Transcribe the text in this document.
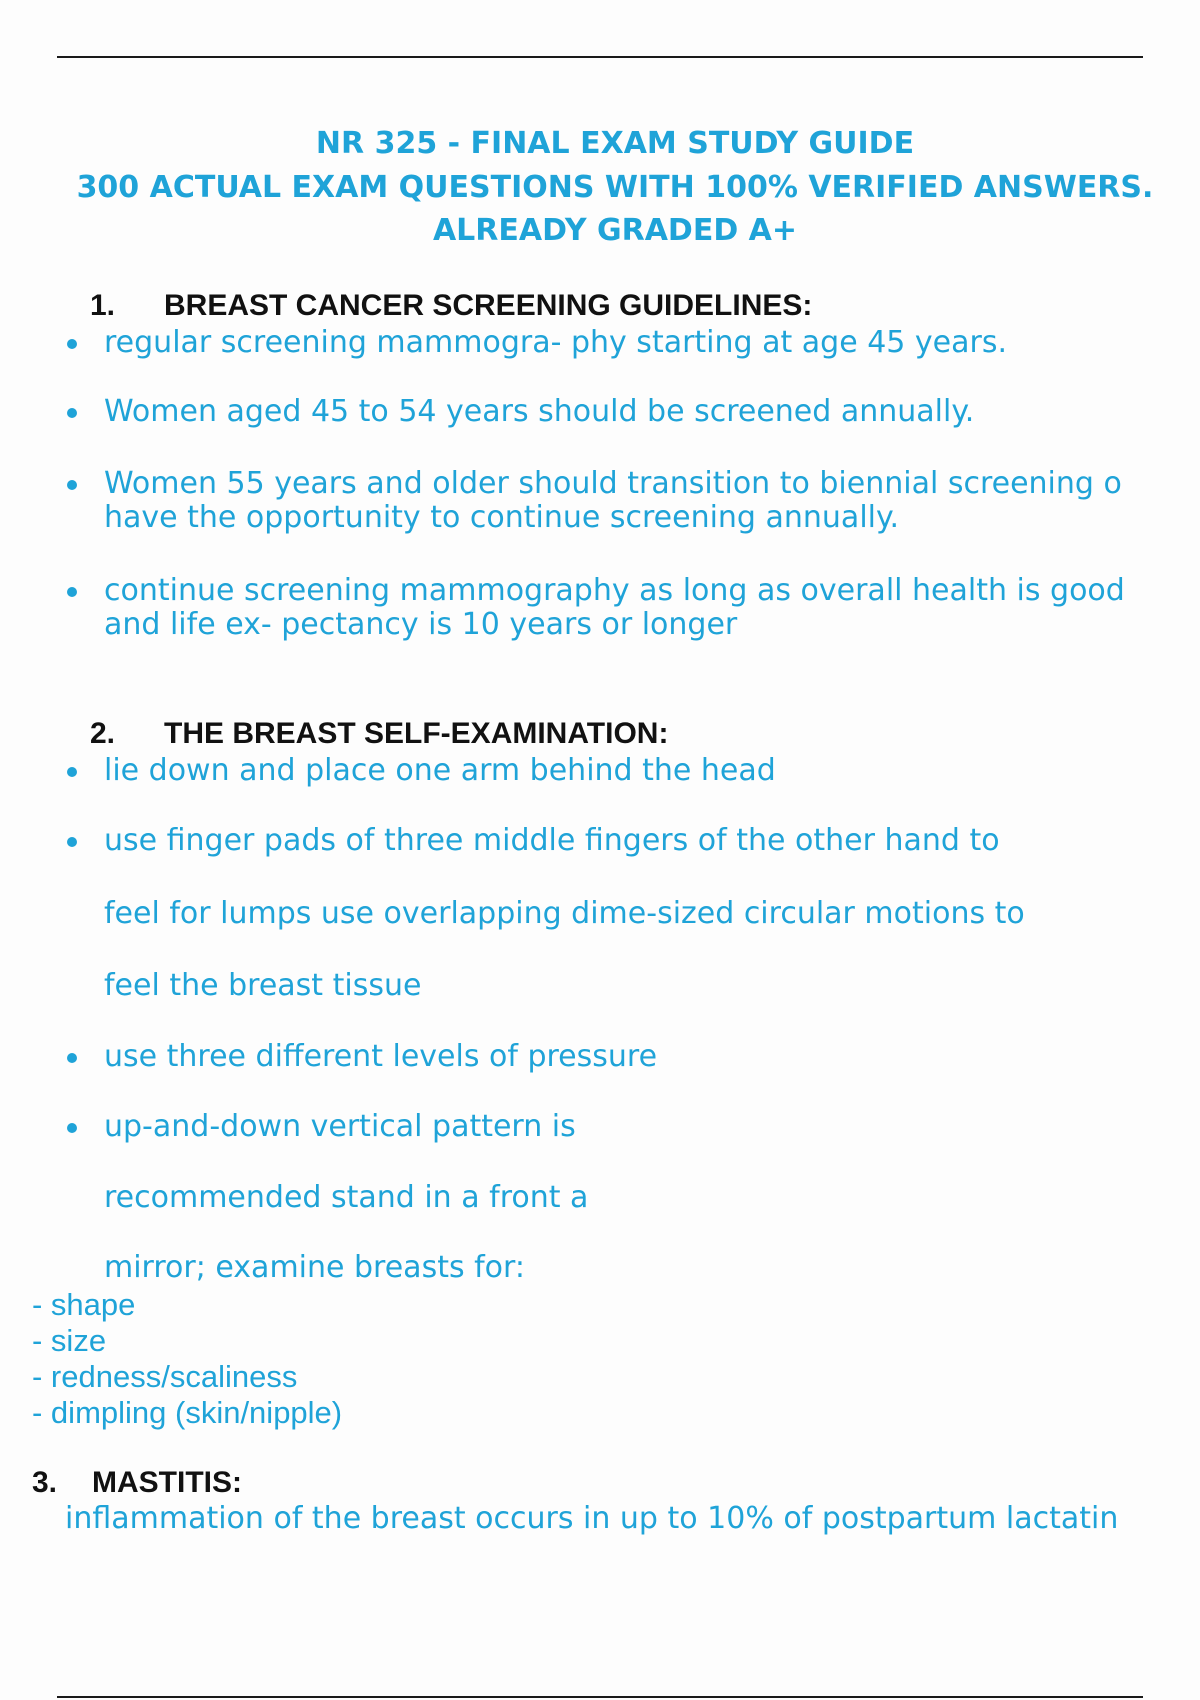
NR 325 - FINAL EXAM STUDY GUIDE
300 ACTUAL EXAM QUESTIONS WITH 100% VERIFIED ANSWERS.
ALREADY GRADED A+
1. BREAST CANCER SCREENING GUIDELINES:
regular screening mammogra- phy starting at age 45 years.
Women aged 45 to 54 years should be screened annually.
Women 55 years and older should transition to biennial screening o
have the opportunity to continue screening annually.
continue screening mammography as long as overall health is good
and life ex- pectancy is 10 years or longer
2. THE BREAST SELF-EXAMINATION:
lie down and place one arm behind the head
use finger pads of three middle fingers of the other hand to
feel for lumps use overlapping dime-sized circular motions to
feel the breast tissue
use three different levels of pressure
up-and-down vertical pattern is
recommended stand in a front a
mirror; examine breasts for:
- shape
- size
- redness/scaliness
- dimpling (skin/nipple)
3. MASTITIS:
inflammation of the breast occurs in up to 10% of postpartum lactatin
